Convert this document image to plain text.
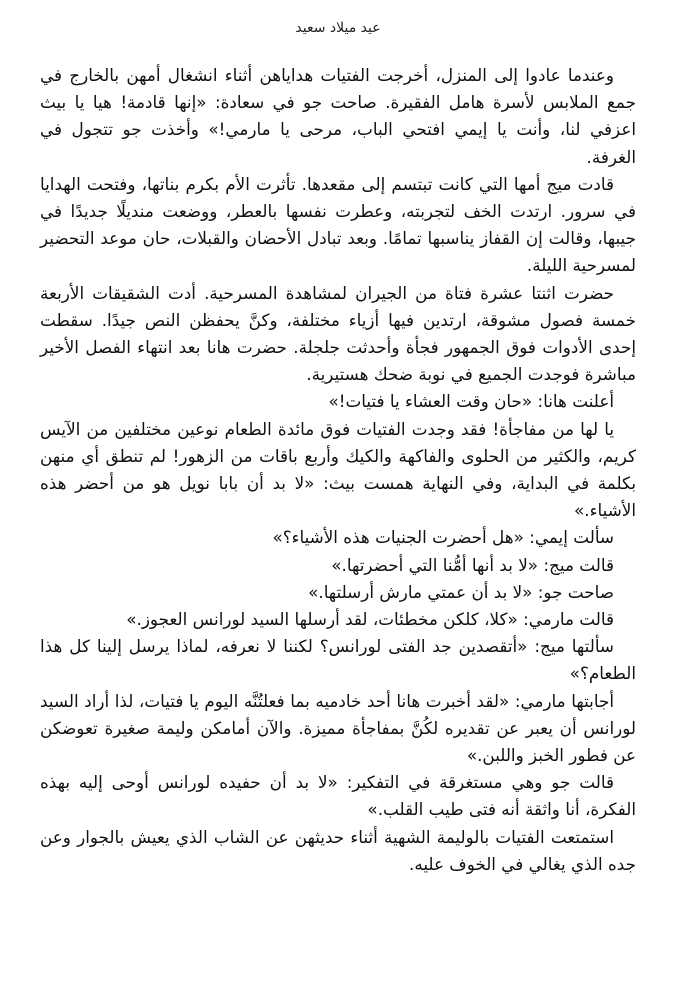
عيد ميلاد سعيد

وعندما عادوا إلى المنزل، أخرجت الفتيات هداياهن أثناء انشغال أمهن بالخارج في جمع الملابس لأسرة هامل الفقيرة. صاحت جو في سعادة: «إنها قادمة! هيا يا بيث اعزفي لنا، وأنت يا إيمي افتحي الباب، مرحى يا مارمي!» وأخذت جو تتجول في الغرفة.

قادت ميج أمها التي كانت تبتسم إلى مقعدها. تأثرت الأم بكرم بناتها، وفتحت الهدايا في سرور. ارتدت الخف لتجربته، وعطرت نفسها بالعطر، ووضعت منديلًا جديدًا في جيبها، وقالت إن القفاز يناسبها تمامًا. وبعد تبادل الأحضان والقبلات، حان موعد التحضير لمسرحية الليلة.

حضرت اثنتا عشرة فتاة من الجيران لمشاهدة المسرحية. أدت الشقيقات الأربعة خمسة فصول مشوقة، ارتدين فيها أزياء مختلفة، وكنَّ يحفظن النص جيدًا. سقطت إحدى الأدوات فوق الجمهور فجأة وأحدثت جلجلة. حضرت هانا بعد انتهاء الفصل الأخير مباشرة فوجدت الجميع في نوبة ضحك هستيرية.

أعلنت هانا: «حان وقت العشاء يا فتيات!»

يا لها من مفاجأة! فقد وجدت الفتيات فوق مائدة الطعام نوعين مختلفين من الآيس كريم، والكثير من الحلوى والفاكهة والكيك وأربع باقات من الزهور! لم تنطق أي منهن بكلمة في البداية، وفي النهاية همست بيث: «لا بد أن بابا نويل هو من أحضر هذه الأشياء.»

سألت إيمي: «هل أحضرت الجنيات هذه الأشياء؟»

قالت ميج: «لا بد أنها أمُّنا التي أحضرتها.»

صاحت جو: «لا بد أن عمتي مارش أرسلتها.»

قالت مارمي: «كلا، كلكن مخطئات، لقد أرسلها السيد لورانس العجوز.»

سألتها ميج: «أتقصدين جد الفتى لورانس؟ لكننا لا نعرفه، لماذا يرسل إلينا كل هذا الطعام؟»

أجابتها مارمي: «لقد أخبرت هانا أحد خادميه بما فعلتُنَّه اليوم يا فتيات، لذا أراد السيد لورانس أن يعبر عن تقديره لكُنَّ بمفاجأة مميزة. والآن أمامكن وليمة صغيرة تعوضكن عن فطور الخبز واللبن.»

قالت جو وهي مستغرقة في التفكير: «لا بد أن حفيده لورانس أوحى إليه بهذه الفكرة، أنا واثقة أنه فتى طيب القلب.»

استمتعت الفتيات بالوليمة الشهية أثناء حديثهن عن الشاب الذي يعيش بالجوار وعن جده الذي يغالي في الخوف عليه.
